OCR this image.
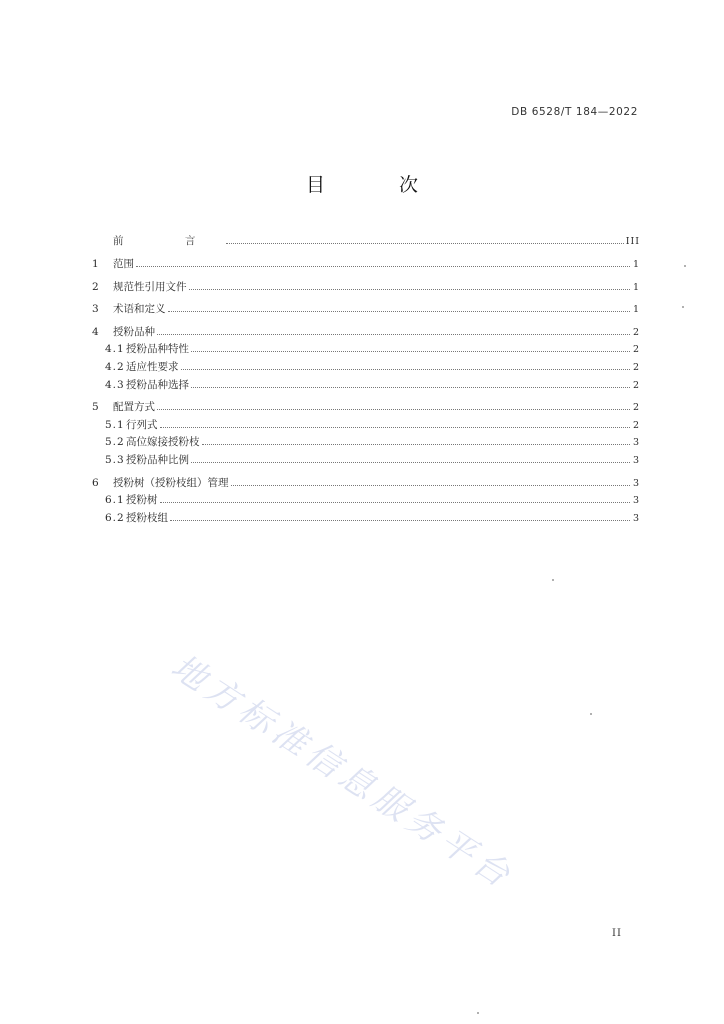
DB 6528/T 184—2022
目 次
前 言	III
1	范围	1
2	规范性引用文件	1
3	术语和定义	1
4	授粉品种	2
4.1 授粉品种特性	2
4.2 适应性要求	2
4.3 授粉品种选择	2
5	配置方式	2
5.1 行列式	2
5.2 高位嫁接授粉枝	3
5.3 授粉品种比例	3
6	授粉树（授粉枝组）管理	3
6.1 授粉树	3
6.2 授粉枝组	3
地方标准信息服务平台
II
